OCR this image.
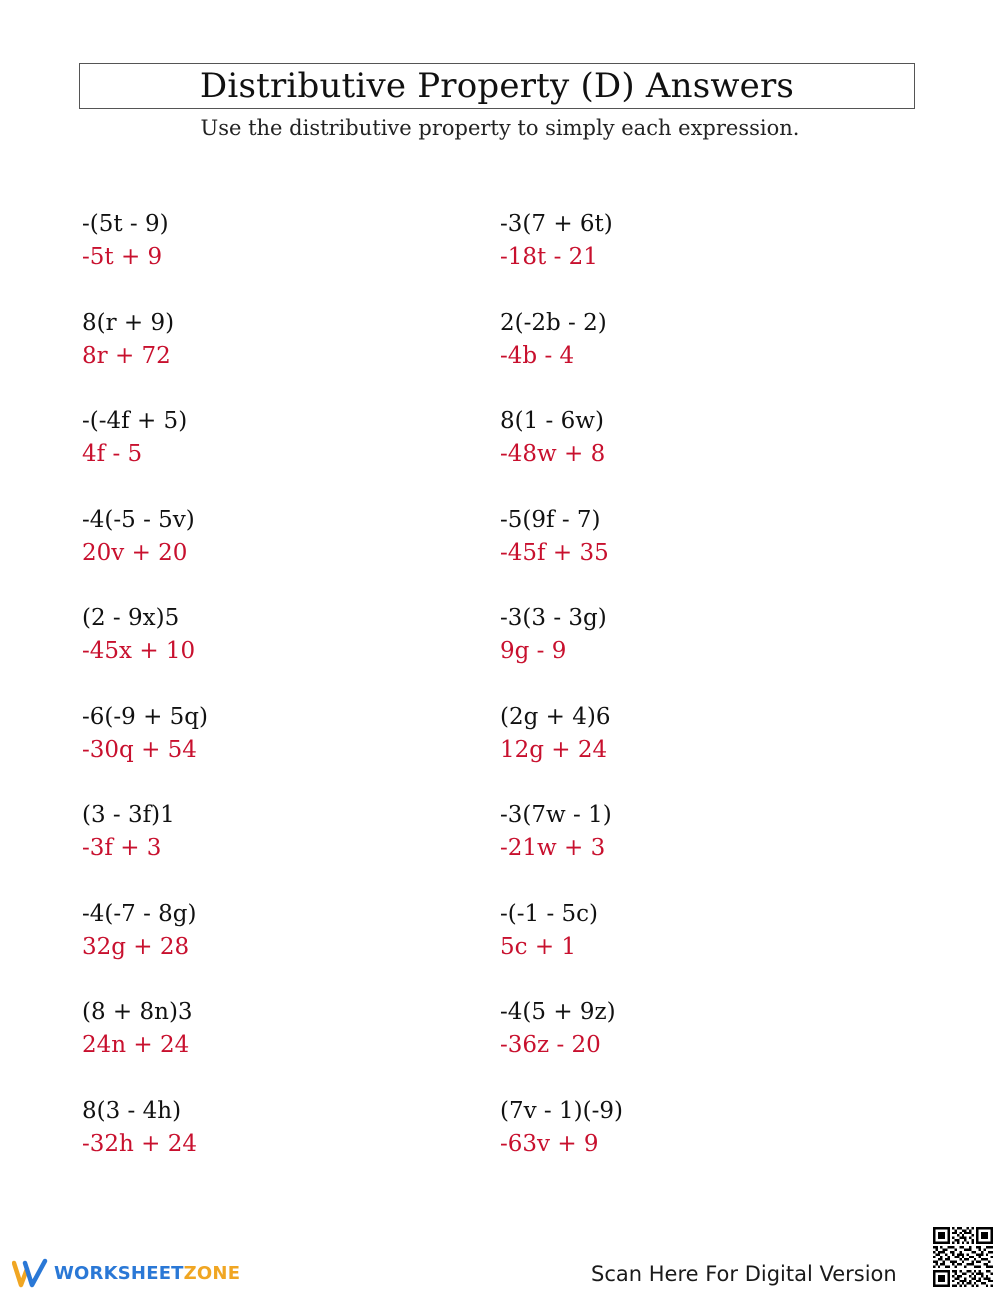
Distributive Property (D) Answers
Use the distributive property to simply each expression.
-(5t - 9)
-5t + 9
8(r + 9)
8r + 72
-(-4f + 5)
4f - 5
-4(-5 - 5v)
20v + 20
(2 - 9x)5
-45x + 10
-6(-9 + 5q)
-30q + 54
(3 - 3f)1
-3f + 3
-4(-7 - 8g)
32g + 28
(8 + 8n)3
24n + 24
8(3 - 4h)
-32h + 24
-3(7 + 6t)
-18t - 21
2(-2b - 2)
-4b - 4
8(1 - 6w)
-48w + 8
-5(9f - 7)
-45f + 35
-3(3 - 3g)
9g - 9
(2g + 4)6
12g + 24
-3(7w - 1)
-21w + 3
-(-1 - 5c)
5c + 1
-4(5 + 9z)
-36z - 20
(7v - 1)(-9)
-63v + 9
WORKSHEETZONE	Scan Here For Digital Version
